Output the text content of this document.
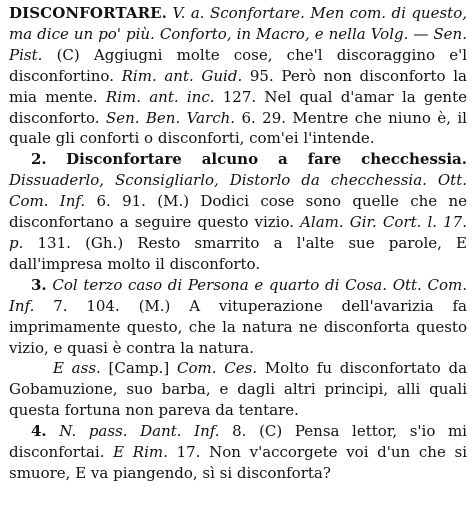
DISCONFORTARE. V. a. Sconfortare. Men com. di questo, ma dice un po' più. Conforto, in Macro, e nella Volg. — Sen. Pist. (C) Aggiugni molte cose, che'l discoraggino e'l disconfortino. Rim. ant. Guid. 95. Però non disconforto la mia mente. Rim. ant. inc. 127. Nel qual d'amar la gente disconforto. Sen. Ben. Varch. 6. 29. Mentre che niuno è, il quale gli conforti o disconforti, com'ei l'intende.

2. Disconfortare alcuno a fare checchessia. Dissuaderlo, Sconsigliarlo, Distorlo da checchessia. Ott. Com. Inf. 6. 91. (M.) Dodici cose sono quelle che ne disconfortano a seguire questo vizio. Alam. Gir. Cort. l. 17. p. 131. (Gh.) Resto smarrito a l'alte sue parole, E dall'impresa molto il disconforto.

3. Col terzo caso di Persona e quarto di Cosa. Ott. Com. Inf. 7. 104. (M.) A vituperazione dell'avarizia fa imprimamente questo, che la natura ne disconforta questo vizio, e quasi è contra la natura.

E ass. [Camp.] Com. Ces. Molto fu disconfortato da Gobamuzione, suo barba, e dagli altri principi, alli quali questa fortuna non pareva da tentare.

4. N. pass. Dant. Inf. 8. (C) Pensa lettor, s'io mi disconfortai. E Rim. 17. Non v'accorgete voi d'un che si smuore, E va piangendo, sì si disconforta?
